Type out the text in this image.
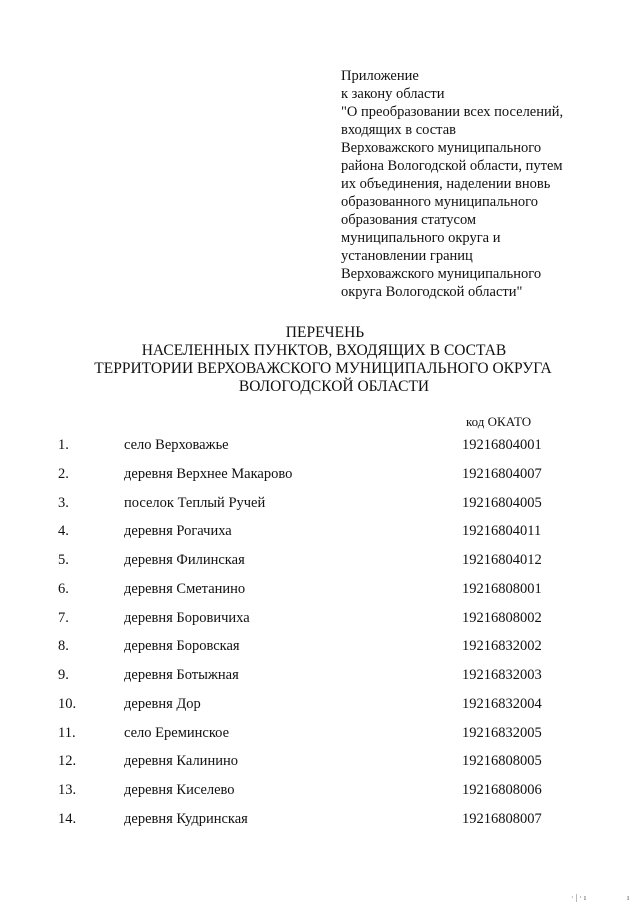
Приложение
к закону области
"О преобразовании всех поселений,
входящих в состав
Верховажского муниципального
района Вологодской области, путем
их объединения, наделении вновь
образованного муниципального
образования статусом
муниципального округа и
установлении границ
Верховажского муниципального
округа Вологодской области"
ПЕРЕЧЕНЬ
НАСЕЛЕННЫХ ПУНКТОВ, ВХОДЯЩИХ В СОСТАВ
ТЕРРИТОРИИ ВЕРХОВАЖСКОГО МУНИЦИПАЛЬНОГО ОКРУГА
ВОЛОГОДСКОЙ ОБЛАСТИ
код ОКАТО
1.	село Верховажье	19216804001
2.	деревня Верхнее Макарово	19216804007
3.	поселок Теплый Ручей	19216804005
4.	деревня Рогачиха	19216804011
5.	деревня Филинская	19216804012
6.	деревня Сметанино	19216808001
7.	деревня Боровичиха	19216808002
8.	деревня Боровская	19216832002
9.	деревня Ботыжная	19216832003
10.	деревня Дор	19216832004
11.	село Ереминское	19216832005
12.	деревня Калинино	19216808005
13.	деревня Киселево	19216808006
14.	деревня Кудринская	19216808007
· | · ı	ı
